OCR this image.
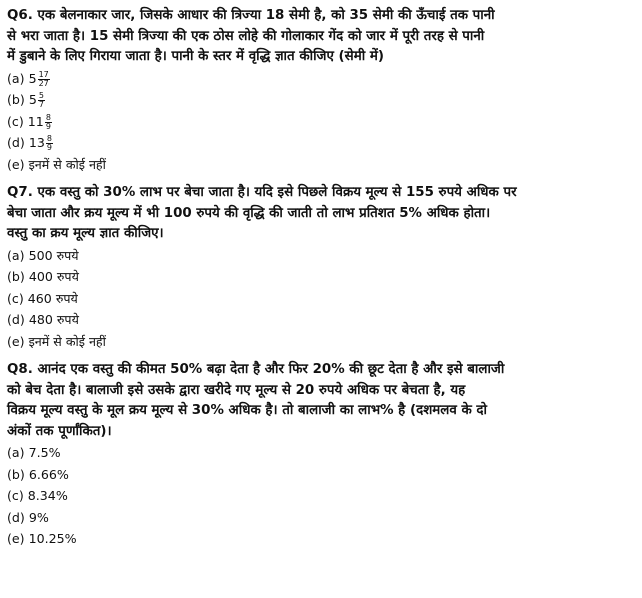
Q6. एक बेलनाकार जार, जिसके आधार की त्रिज्या 18 सेमी है, को 35 सेमी की ऊँचाई तक पानी

से भरा जाता है। 15 सेमी त्रिज्या की एक ठोस लोहे की गोलाकार गेंद को जार में पूरी तरह से पानी

में डुबाने के लिए गिराया जाता है। पानी के स्तर में वृद्धि ज्ञात कीजिए (सेमी में)

(a) $5 \frac{17}{27}$

(b) $5 \frac{5}{7}$

(c) $11 \frac{8}{9}$

(d) $13 \frac{8}{9}$

(e) इनमें से कोई नहीं

Q7. एक वस्तु को 30% लाभ पर बेचा जाता है। यदि इसे पिछले विक्रय मूल्य से 155 रुपये अधिक पर

बेचा जाता और क्रय मूल्य में भी 100 रुपये की वृद्धि की जाती तो लाभ प्रतिशत 5% अधिक होता।

वस्तु का क्रय मूल्य ज्ञात कीजिए।

(a) 500 रुपये

(b) 400 रुपये

(c) 460 रुपये

(d) 480 रुपये

(e) इनमें से कोई नहीं

Q8. आनंद एक वस्तु की कीमत 50% बढ़ा देता है और फिर 20% की छूट देता है और इसे बालाजी

को बेच देता है। बालाजी इसे उसके द्वारा खरीदे गए मूल्य से 20 रुपये अधिक पर बेचता है, यह

विक्रय मूल्य वस्तु के मूल क्रय मूल्य से 30% अधिक है। तो बालाजी का लाभ% है (दशमलव के दो

अंकों तक पूर्णांकित)।

(a) 7.5%

(b) 6.66%

(c) 8.34%

(d) 9%

(e) 10.25%
